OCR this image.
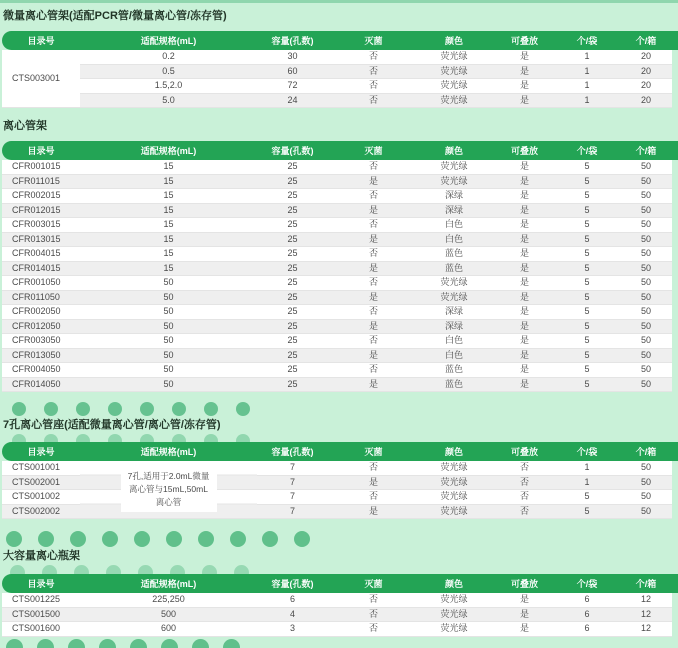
微量离心管架(适配PCR管/微量离心管/冻存管)
目录号	适配规格(mL)	容量(孔数)	灭菌	颜色	可叠放	个/袋	个/箱
CTS003001	0.2	30	否	荧光绿	是	1	20
	0.5	60	否	荧光绿	是	1	20
	1.5,2.0	72	否	荧光绿	是	1	20
	5.0	24	否	荧光绿	是	1	20
离心管架
目录号	适配规格(mL)	容量(孔数)	灭菌	颜色	可叠放	个/袋	个/箱
CFR001015	15	25	否	荧光绿	是	5	50
CFR011015	15	25	是	荧光绿	是	5	50
CFR002015	15	25	否	深绿	是	5	50
CFR012015	15	25	是	深绿	是	5	50
CFR003015	15	25	否	白色	是	5	50
CFR013015	15	25	是	白色	是	5	50
CFR004015	15	25	否	蓝色	是	5	50
CFR014015	15	25	是	蓝色	是	5	50
CFR001050	50	25	否	荧光绿	是	5	50
CFR011050	50	25	是	荧光绿	是	5	50
CFR002050	50	25	否	深绿	是	5	50
CFR012050	50	25	是	深绿	是	5	50
CFR003050	50	25	否	白色	是	5	50
CFR013050	50	25	是	白色	是	5	50
CFR004050	50	25	否	蓝色	是	5	50
CFR014050	50	25	是	蓝色	是	5	50
7孔离心管座(适配微量离心管/离心管/冻存管)
目录号	适配规格(mL)	容量(孔数)	灭菌	颜色	可叠放	个/袋	个/箱
CTS001001	7孔,适用于2.0mL微量离心管与15mL,50mL离心管	7	否	荧光绿	否	1	50
CTS002001		7	是	荧光绿	否	1	50
CTS001002		7	否	荧光绿	否	5	50
CTS002002		7	是	荧光绿	否	5	50
大容量离心瓶架
目录号	适配规格(mL)	容量(孔数)	灭菌	颜色	可叠放	个/袋	个/箱
CTS001225	225,250	6	否	荧光绿	是	6	12
CTS001500	500	4	否	荧光绿	是	6	12
CTS001600	600	3	否	荧光绿	是	6	12
